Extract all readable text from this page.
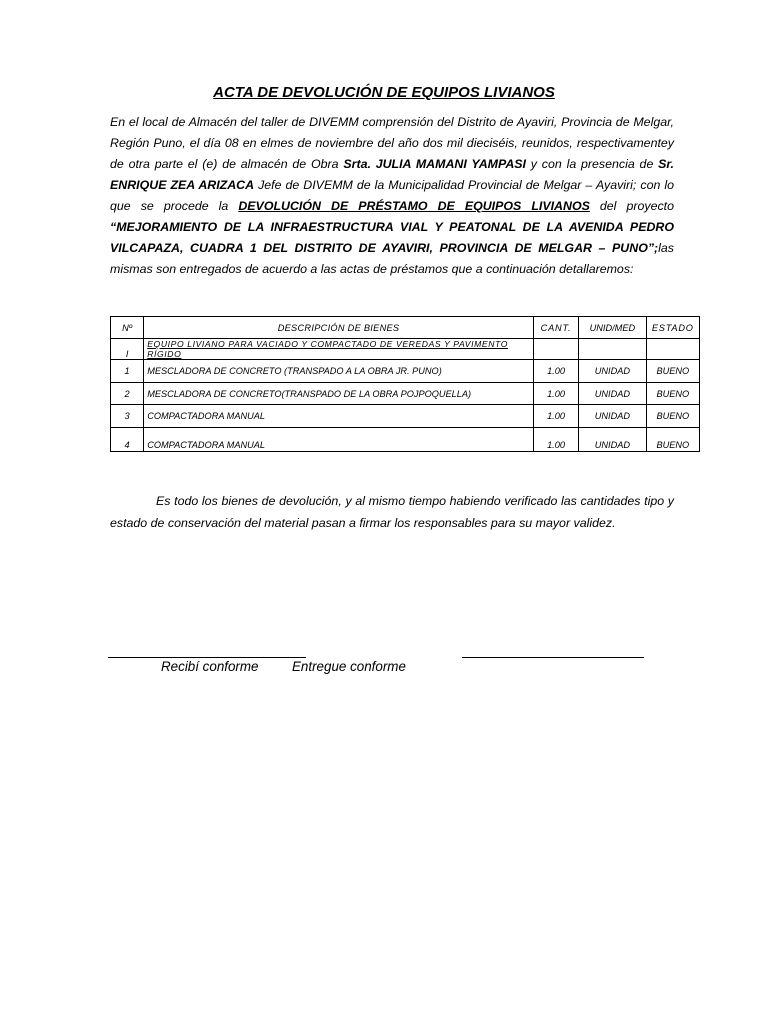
ACTA DE DEVOLUCIÓN DE EQUIPOS LIVIANOS
En el local de Almacén del taller de DIVEMM comprensión del Distrito de Ayaviri, Provincia de Melgar, Región Puno, el día 08 en elmes de noviembre del año dos mil dieciséis, reunidos, respectivamentey de otra parte el (e) de almacén de Obra Srta. JULIA MAMANI YAMPASI y con la presencia de Sr. ENRIQUE ZEA ARIZACA Jefe de DIVEMM de la Municipalidad Provincial de Melgar – Ayaviri; con lo que se procede la DEVOLUCIÓN DE PRÉSTAMO DE EQUIPOS LIVIANOS del proyecto “MEJORAMIENTO DE LA INFRAESTRUCTURA VIAL Y PEATONAL DE LA AVENIDA PEDRO VILCAPAZA, CUADRA 1 DEL DISTRITO DE AYAVIRI, PROVINCIA DE MELGAR – PUNO”;las mismas son entregados de acuerdo a las actas de préstamos que a continuación detallaremos:
Nº	DESCRIPCIÓN DE BIENES	CANT.	UNID/MED	ESTADO
I	EQUIPO LIVIANO PARA VACIADO Y COMPACTADO DE VEREDAS Y PAVIMENTO RÍGIDO			
1	MESCLADORA DE CONCRETO (TRANSPADO A LA OBRA JR. PUNO)	1.00	UNIDAD	BUENO
2	MESCLADORA DE CONCRETO(TRANSPADO DE LA OBRA POJPOQUELLA)	1.00	UNIDAD	BUENO
3	COMPACTADORA MANUAL	1.00	UNIDAD	BUENO
4	COMPACTADORA MANUAL	1.00	UNIDAD	BUENO
Es todo los bienes de devolución, y al mismo tiempo habiendo verificado las cantidades tipo y estado de conservación del material pasan a firmar los responsables para su mayor validez.
Recibí conforme	Entregue conforme
